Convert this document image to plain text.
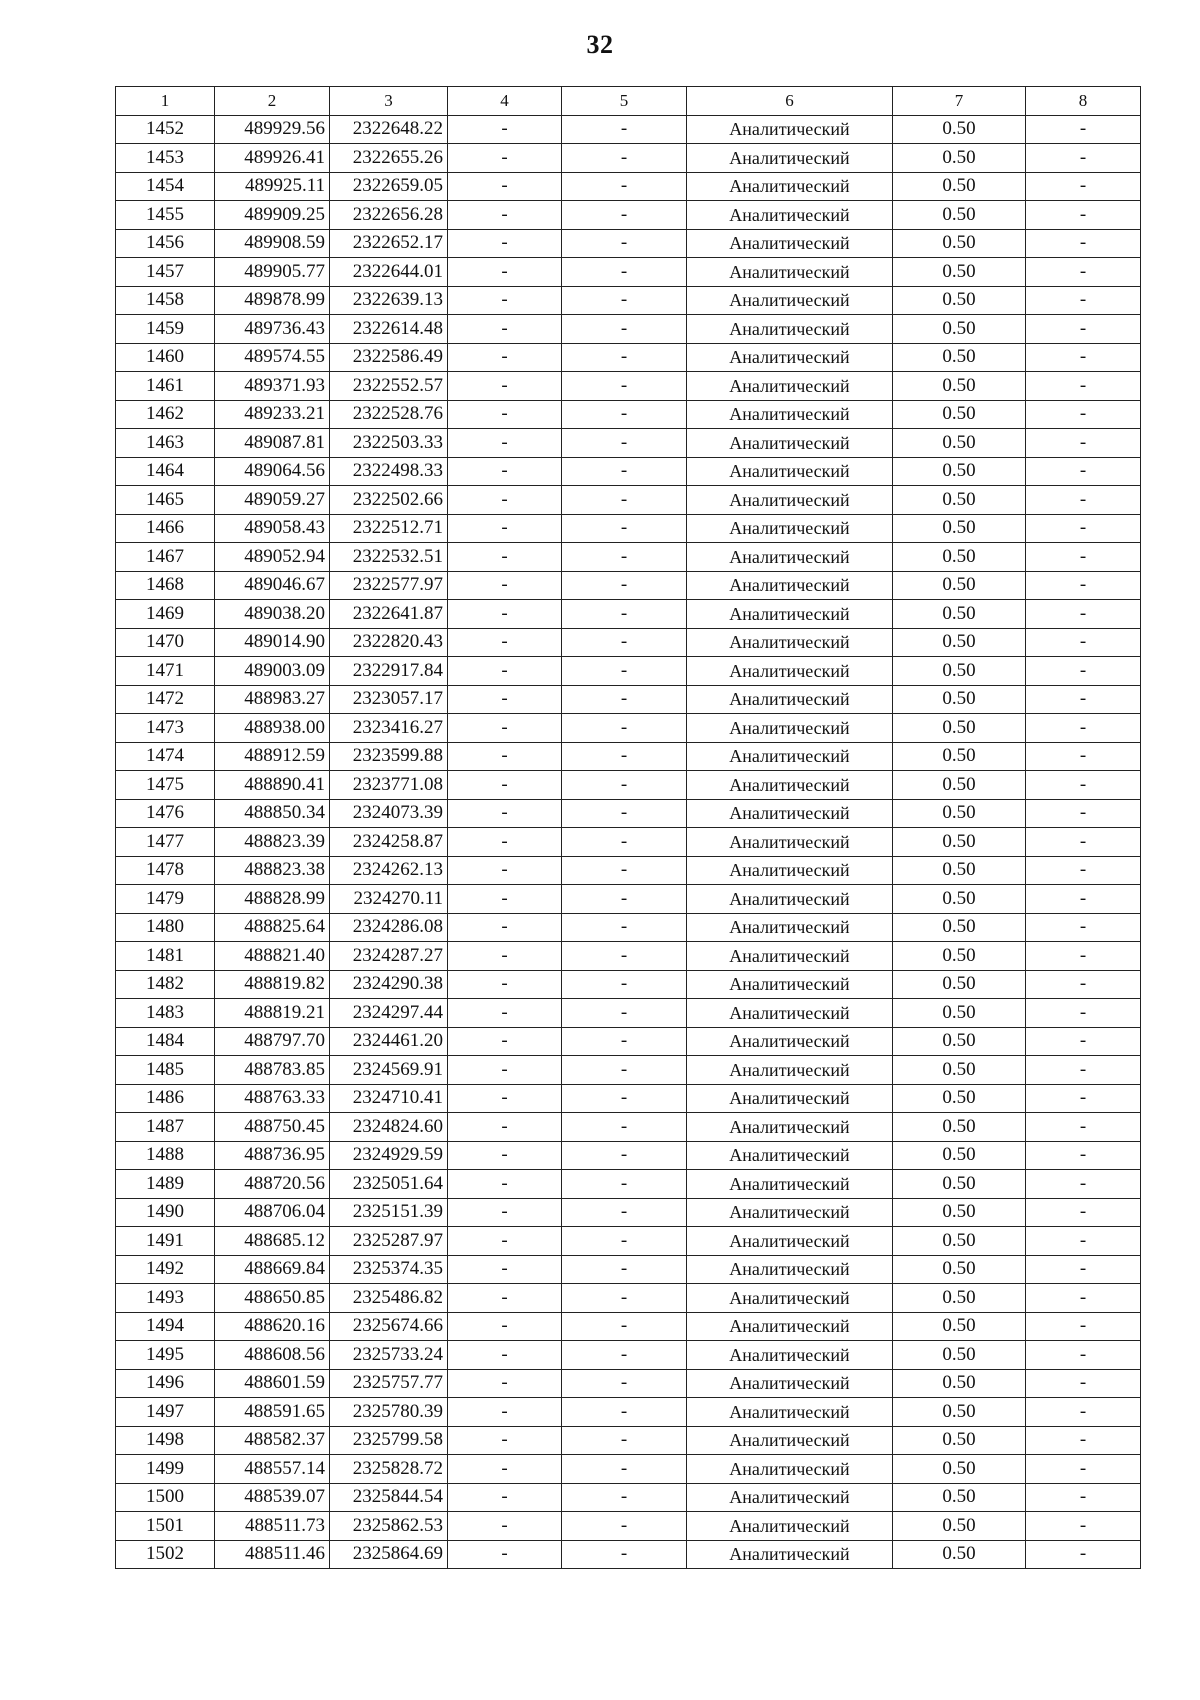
32
1	2	3	4	5	6	7	8
1452	489929.56	2322648.22	-	-	Аналитический	0.50	-
1453	489926.41	2322655.26	-	-	Аналитический	0.50	-
1454	489925.11	2322659.05	-	-	Аналитический	0.50	-
1455	489909.25	2322656.28	-	-	Аналитический	0.50	-
1456	489908.59	2322652.17	-	-	Аналитический	0.50	-
1457	489905.77	2322644.01	-	-	Аналитический	0.50	-
1458	489878.99	2322639.13	-	-	Аналитический	0.50	-
1459	489736.43	2322614.48	-	-	Аналитический	0.50	-
1460	489574.55	2322586.49	-	-	Аналитический	0.50	-
1461	489371.93	2322552.57	-	-	Аналитический	0.50	-
1462	489233.21	2322528.76	-	-	Аналитический	0.50	-
1463	489087.81	2322503.33	-	-	Аналитический	0.50	-
1464	489064.56	2322498.33	-	-	Аналитический	0.50	-
1465	489059.27	2322502.66	-	-	Аналитический	0.50	-
1466	489058.43	2322512.71	-	-	Аналитический	0.50	-
1467	489052.94	2322532.51	-	-	Аналитический	0.50	-
1468	489046.67	2322577.97	-	-	Аналитический	0.50	-
1469	489038.20	2322641.87	-	-	Аналитический	0.50	-
1470	489014.90	2322820.43	-	-	Аналитический	0.50	-
1471	489003.09	2322917.84	-	-	Аналитический	0.50	-
1472	488983.27	2323057.17	-	-	Аналитический	0.50	-
1473	488938.00	2323416.27	-	-	Аналитический	0.50	-
1474	488912.59	2323599.88	-	-	Аналитический	0.50	-
1475	488890.41	2323771.08	-	-	Аналитический	0.50	-
1476	488850.34	2324073.39	-	-	Аналитический	0.50	-
1477	488823.39	2324258.87	-	-	Аналитический	0.50	-
1478	488823.38	2324262.13	-	-	Аналитический	0.50	-
1479	488828.99	2324270.11	-	-	Аналитический	0.50	-
1480	488825.64	2324286.08	-	-	Аналитический	0.50	-
1481	488821.40	2324287.27	-	-	Аналитический	0.50	-
1482	488819.82	2324290.38	-	-	Аналитический	0.50	-
1483	488819.21	2324297.44	-	-	Аналитический	0.50	-
1484	488797.70	2324461.20	-	-	Аналитический	0.50	-
1485	488783.85	2324569.91	-	-	Аналитический	0.50	-
1486	488763.33	2324710.41	-	-	Аналитический	0.50	-
1487	488750.45	2324824.60	-	-	Аналитический	0.50	-
1488	488736.95	2324929.59	-	-	Аналитический	0.50	-
1489	488720.56	2325051.64	-	-	Аналитический	0.50	-
1490	488706.04	2325151.39	-	-	Аналитический	0.50	-
1491	488685.12	2325287.97	-	-	Аналитический	0.50	-
1492	488669.84	2325374.35	-	-	Аналитический	0.50	-
1493	488650.85	2325486.82	-	-	Аналитический	0.50	-
1494	488620.16	2325674.66	-	-	Аналитический	0.50	-
1495	488608.56	2325733.24	-	-	Аналитический	0.50	-
1496	488601.59	2325757.77	-	-	Аналитический	0.50	-
1497	488591.65	2325780.39	-	-	Аналитический	0.50	-
1498	488582.37	2325799.58	-	-	Аналитический	0.50	-
1499	488557.14	2325828.72	-	-	Аналитический	0.50	-
1500	488539.07	2325844.54	-	-	Аналитический	0.50	-
1501	488511.73	2325862.53	-	-	Аналитический	0.50	-
1502	488511.46	2325864.69	-	-	Аналитический	0.50	-
